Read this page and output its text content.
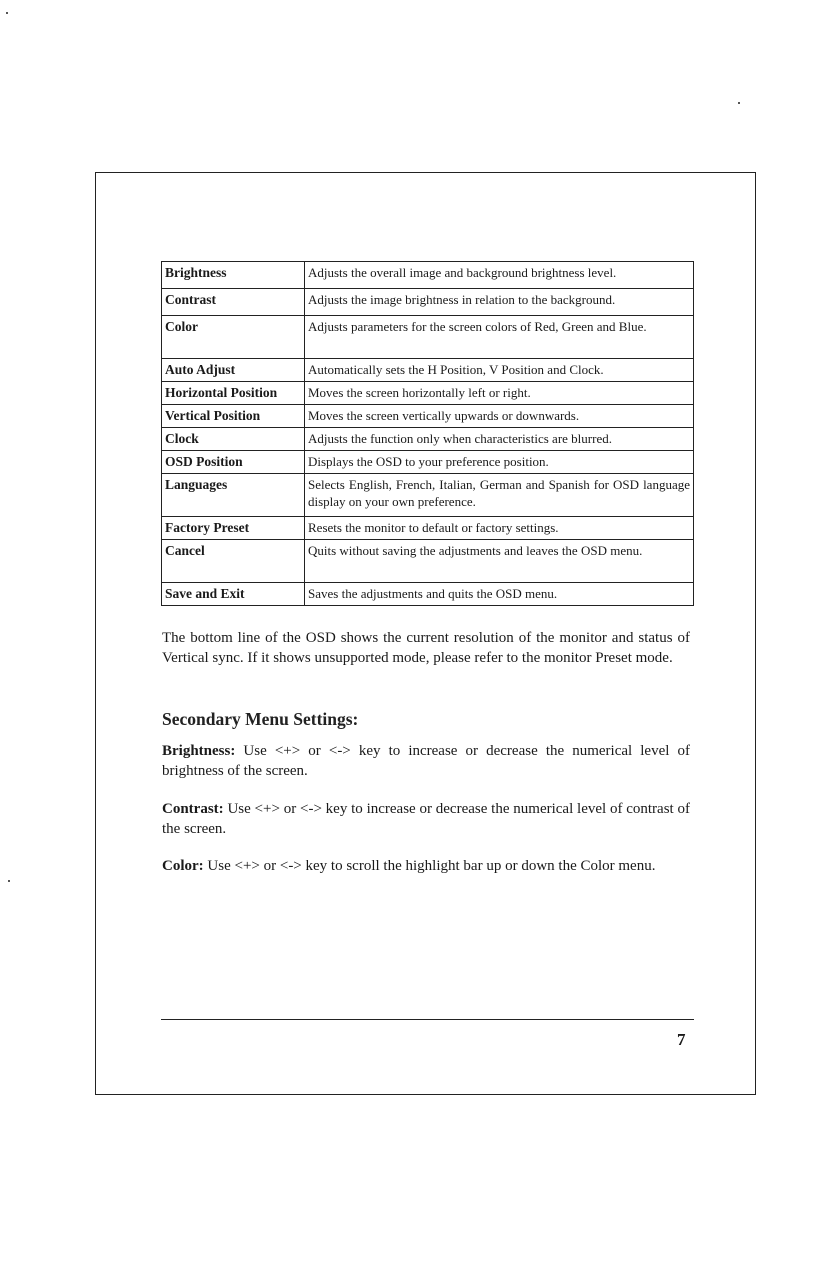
Brightness	Adjusts the overall image and background brightness level.
Contrast	Adjusts the image brightness in relation to the background.
Color	Adjusts parameters for the screen colors of Red, Green and Blue.
Auto Adjust	Automatically sets the H Position, V Position and Clock.
Horizontal Position	Moves the screen horizontally left or right.
Vertical Position	Moves the screen vertically upwards or downwards.
Clock	Adjusts the function only when characteristics are blurred.
OSD Position	Displays the OSD to your preference position.
Languages	Selects English, French, Italian, German and Spanish for OSD language display on your own preference.
Factory Preset	Resets the monitor to default or factory settings.
Cancel	Quits without saving the adjustments and leaves the OSD menu.
Save and Exit	Saves the adjustments and quits the OSD menu.

The bottom line of the OSD shows the current resolution of the monitor and status of Vertical sync. If it shows unsupported mode, please refer to the monitor Preset mode.

Secondary Menu Settings:

Brightness: Use <+> or <-> key to increase or decrease the numerical level of brightness of the screen.

Contrast: Use <+> or <-> key to increase or decrease the numerical level of contrast of the screen.

Color: Use <+> or <-> key to scroll the highlight bar up or down the Color menu.

7
